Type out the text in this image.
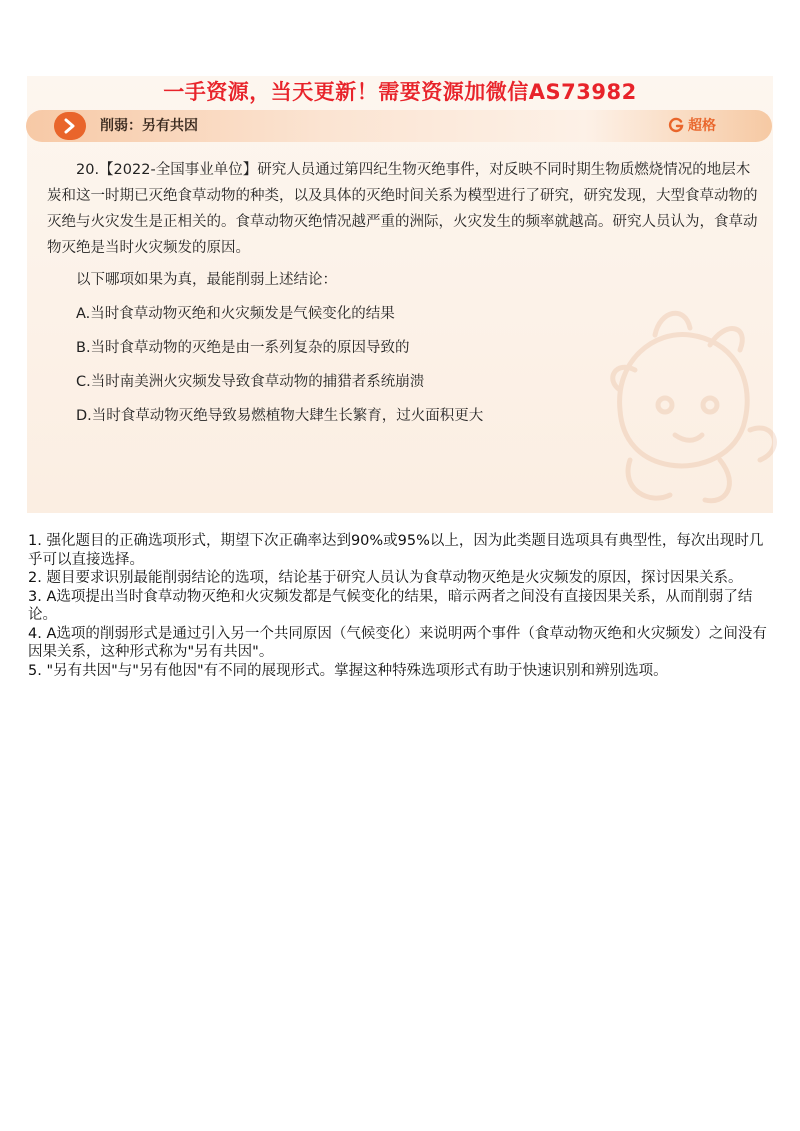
削弱：另有共因	超格
一手资源，当天更新！需要资源加微信AS73982

20.【2022-全国事业单位】研究人员通过第四纪生物灭绝事件，对反映不同时期生物质燃烧情况的地层木炭和这一时期已灭绝食草动物的种类，以及具体的灭绝时间关系为模型进行了研究，研究发现，大型食草动物的灭绝与火灾发生是正相关的。食草动物灭绝情况越严重的洲际，火灾发生的频率就越高。研究人员认为，食草动物灭绝是当时火灾频发的原因。

以下哪项如果为真，最能削弱上述结论：

A.当时食草动物灭绝和火灾频发是气候变化的结果

B.当时食草动物的灭绝是由一系列复杂的原因导致的

C.当时南美洲火灾频发导致食草动物的捕猎者系统崩溃

D.当时食草动物灭绝导致易燃植物大肆生长繁育，过火面积更大

1. 强化题目的正确选项形式，期望下次正确率达到90%或95%以上，因为此类题目选项具有典型性，每次出现时几乎可以直接选择。

2. 题目要求识别最能削弱结论的选项，结论基于研究人员认为食草动物灭绝是火灾频发的原因，探讨因果关系。

3. A选项提出当时食草动物灭绝和火灾频发都是气候变化的结果，暗示两者之间没有直接因果关系，从而削弱了结论。

4. A选项的削弱形式是通过引入另一个共同原因（气候变化）来说明两个事件（食草动物灭绝和火灾频发）之间没有因果关系，这种形式称为"另有共因"。

5. "另有共因"与"另有他因"有不同的展现形式。掌握这种特殊选项形式有助于快速识别和辨别选项。
